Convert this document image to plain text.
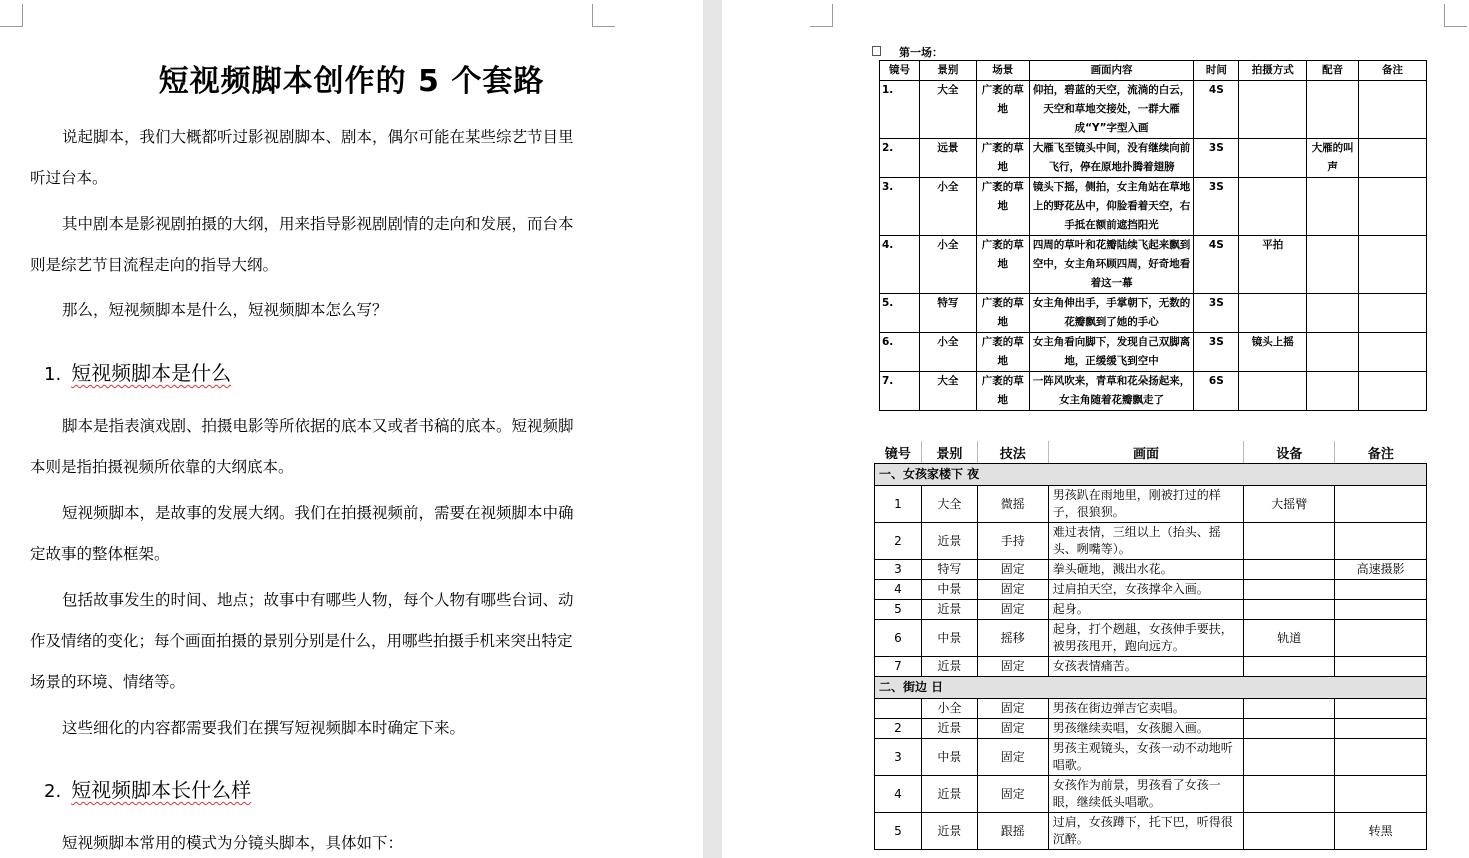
短视频脚本创作的 5 个套路
说起脚本，我们大概都听过影视剧脚本、剧本，偶尔可能在某些综艺节目里听过台本。
其中剧本是影视剧拍摄的大纲，用来指导影视剧剧情的走向和发展，而台本则是综艺节目流程走向的指导大纲。
那么，短视频脚本是什么，短视频脚本怎么写？
1. 短视频脚本是什么
脚本是指表演戏剧、拍摄电影等所依据的底本又或者书稿的底本。短视频脚本则是指拍摄视频所依靠的大纲底本。
短视频脚本，是故事的发展大纲。我们在拍摄视频前，需要在视频脚本中确定故事的整体框架。
包括故事发生的时间、地点；故事中有哪些人物，每个人物有哪些台词、动作及情绪的变化；每个画面拍摄的景别分别是什么，用哪些拍摄手机来突出特定场景的环境、情绪等。
这些细化的内容都需要我们在撰写短视频脚本时确定下来。
2. 短视频脚本长什么样
短视频脚本常用的模式为分镜头脚本，具体如下：
第一场：
镜号	景别	场景	画面内容	时间	拍摄方式	配音	备注
1.	大全	广袤的草地	仰拍，碧蓝的天空，流淌的白云，天空和草地交接处，一群大雁成“Y”字型入画	4S			
2.	远景	广袤的草地	大雁飞至镜头中间，没有继续向前飞行，停在原地扑腾着翅膀	3S		大雁的叫声	
3.	小全	广袤的草地	镜头下摇，侧拍，女主角站在草地上的野花丛中，仰脸看着天空，右手抵在额前遮挡阳光	3S			
4.	小全	广袤的草地	四周的草叶和花瓣陆续飞起来飘到空中，女主角环顾四周，好奇地看着这一幕	4S	平拍		
5.	特写	广袤的草地	女主角伸出手，手掌朝下，无数的花瓣飘到了她的手心	3S			
6.	小全	广袤的草地	女主角看向脚下，发现自己双脚离地，正缓缓飞到空中	3S	镜头上摇		
7.	大全	广袤的草地	一阵风吹来，青草和花朵扬起来，女主角随着花瓣飘走了	6S			
镜号	景别	技法	画面	设备	备注
一、女孩家楼下 夜					
1	大全	微摇	男孩趴在雨地里，刚被打过的样子，很狼狈。	大摇臂	
2	近景	手持	难过表情，三组以上（抬头、摇头、咧嘴等）。		
3	特写	固定	拳头砸地，溅出水花。		高速摄影
4	中景	固定	过肩拍天空，女孩撑伞入画。		
5	近景	固定	起身。		
6	中景	摇移	起身，打个趔趄，女孩伸手要扶，被男孩甩开，跑向远方。	轨道	
7	近景	固定	女孩表情痛苦。		
二、街边 日					
	小全	固定	男孩在街边弹吉它卖唱。		
2	近景	固定	男孩继续卖唱，女孩腿入画。		
3	中景	固定	男孩主观镜头，女孩一动不动地听唱歌。		
4	近景	固定	女孩作为前景，男孩看了女孩一眼，继续低头唱歌。		
5	近景	跟摇	过肩，女孩蹲下，托下巴，听得很沉醉。		转黑
